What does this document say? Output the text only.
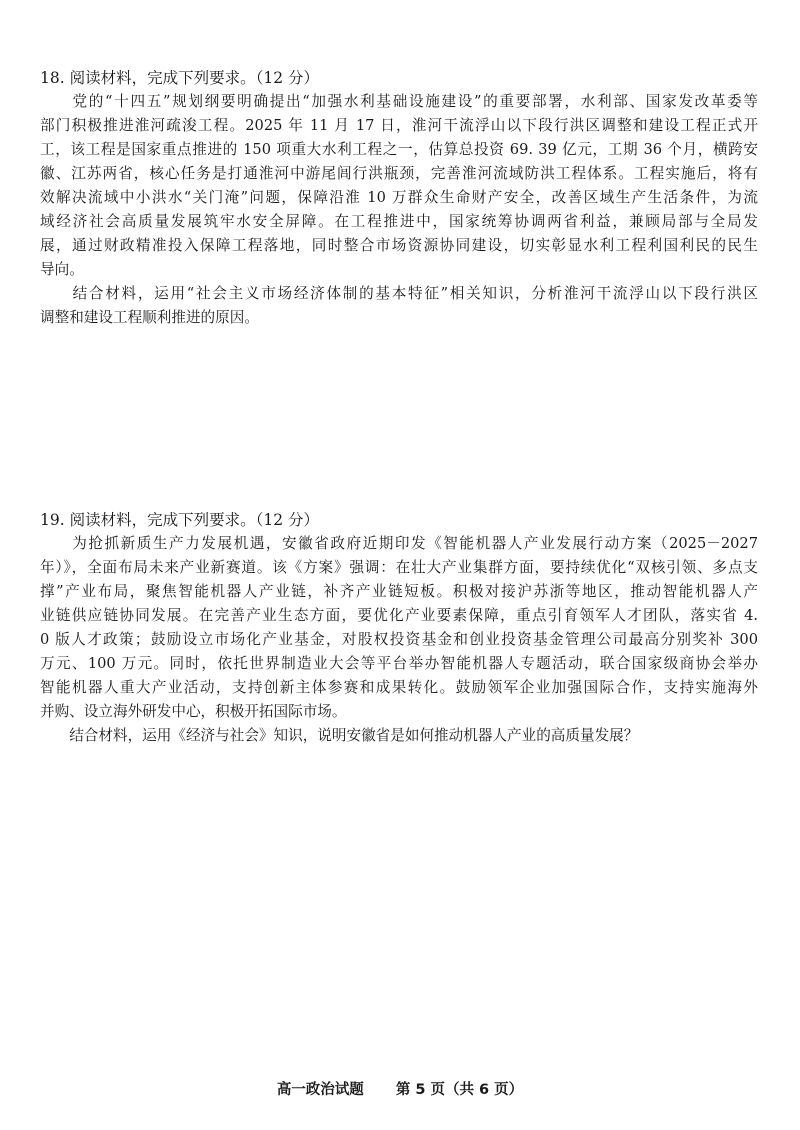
18. 阅读材料，完成下列要求。（12 分）
　　党的“十四五”规划纲要明确提出“加强水利基础设施建设”的重要部署，水利部、国家发改革委等
部门积极推进淮河疏浚工程。2025 年 11 月 17 日，淮河干流浮山以下段行洪区调整和建设工程正式开
工，该工程是国家重点推进的 150 项重大水利工程之一，估算总投资 69. 39 亿元，工期 36 个月，横跨安
徽、江苏两省，核心任务是打通淮河中游尾闾行洪瓶颈，完善淮河流域防洪工程体系。工程实施后，将有
效解决流域中小洪水“关门淹”问题，保障沿淮 10 万群众生命财产安全，改善区域生产生活条件，为流
域经济社会高质量发展筑牢水安全屏障。在工程推进中，国家统筹协调两省利益，兼顾局部与全局发
展，通过财政精准投入保障工程落地，同时整合市场资源协同建设，切实彰显水利工程利国利民的民生
导向。
　　结合材料，运用“社会主义市场经济体制的基本特征”相关知识，分析淮河干流浮山以下段行洪区
调整和建设工程顺利推进的原因。
19. 阅读材料，完成下列要求。（12 分）
　　为抢抓新质生产力发展机遇，安徽省政府近期印发《智能机器人产业发展行动方案（2025－2027
年）》，全面布局未来产业新赛道。该《方案》强调：在壮大产业集群方面，要持续优化“双核引领、多点支
撑”产业布局，聚焦智能机器人产业链，补齐产业链短板。积极对接沪苏浙等地区，推动智能机器人产
业链供应链协同发展。在完善产业生态方面，要优化产业要素保障，重点引育领军人才团队，落实省 4.
0 版人才政策；鼓励设立市场化产业基金，对股权投资基金和创业投资基金管理公司最高分别奖补 300
万元、100 万元。同时，依托世界制造业大会等平台举办智能机器人专题活动，联合国家级商协会举办
智能机器人重大产业活动，支持创新主体参赛和成果转化。鼓励领军企业加强国际合作，支持实施海外
并购、设立海外研发中心，积极开拓国际市场。
　　结合材料，运用《经济与社会》知识，说明安徽省是如何推动机器人产业的高质量发展？
高一政治试题 第 5 页（共 6 页）
